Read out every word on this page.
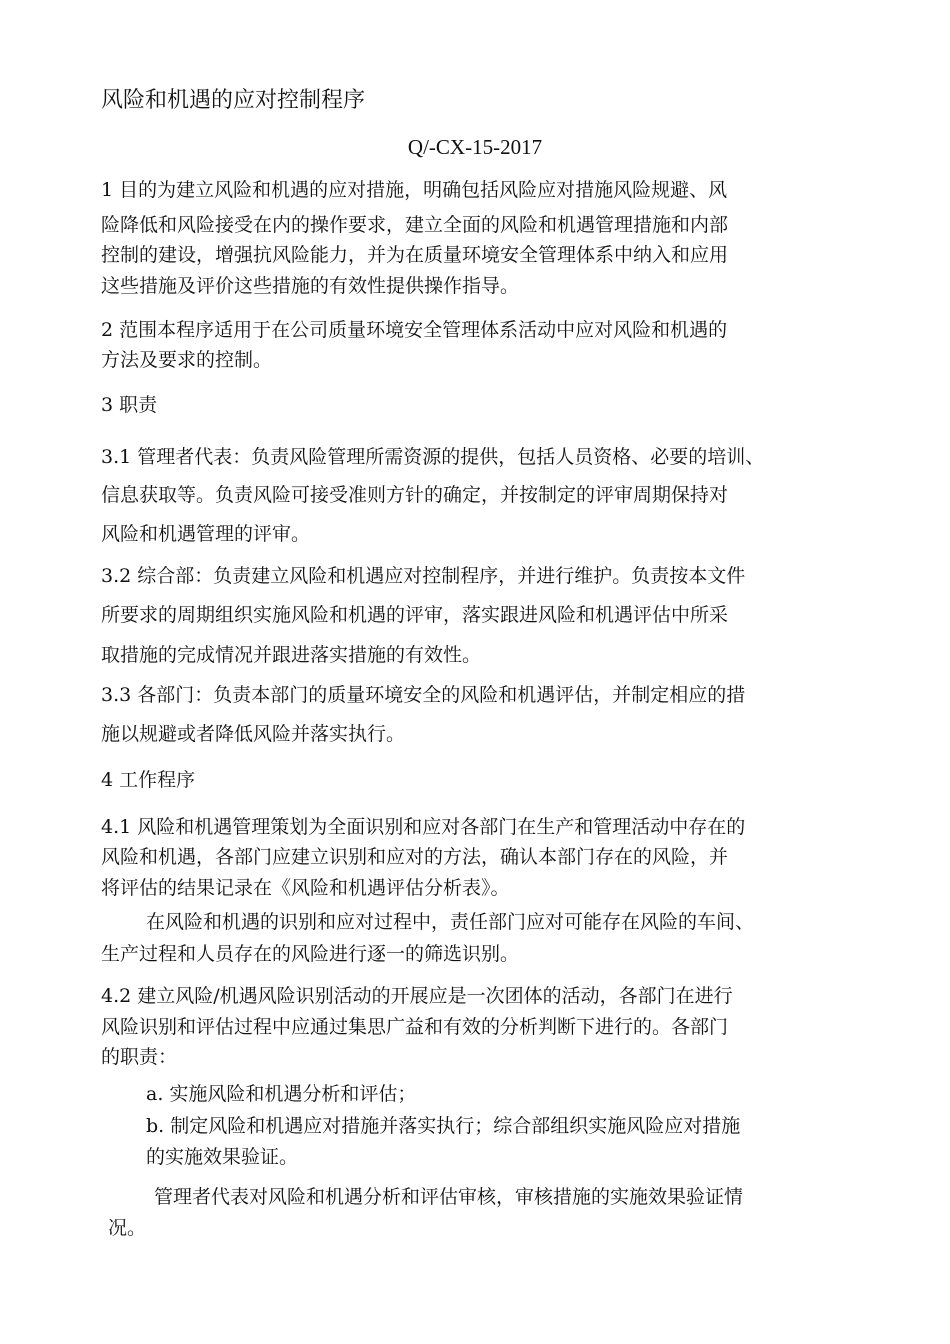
风险和机遇的应对控制程序
Q/-CX-15-2017
1 目的为建立风险和机遇的应对措施，明确包括风险应对措施风险规避、风
险降低和风险接受在内的操作要求，建立全面的风险和机遇管理措施和内部
控制的建设，增强抗风险能力，并为在质量环境安全管理体系中纳入和应用
这些措施及评价这些措施的有效性提供操作指导。
2 范围本程序适用于在公司质量环境安全管理体系活动中应对风险和机遇的
方法及要求的控制。
3 职责
3.1 管理者代表：负责风险管理所需资源的提供，包括人员资格、必要的培训、
信息获取等。负责风险可接受准则方针的确定，并按制定的评审周期保持对
风险和机遇管理的评审。
3.2 综合部：负责建立风险和机遇应对控制程序，并进行维护。负责按本文件
所要求的周期组织实施风险和机遇的评审，落实跟进风险和机遇评估中所采
取措施的完成情况并跟进落实措施的有效性。
3.3 各部门：负责本部门的质量环境安全的风险和机遇评估，并制定相应的措
施以规避或者降低风险并落实执行。
4 工作程序
4.1 风险和机遇管理策划为全面识别和应对各部门在生产和管理活动中存在的
风险和机遇，各部门应建立识别和应对的方法，确认本部门存在的风险，并
将评估的结果记录在《风险和机遇评估分析表》。
在风险和机遇的识别和应对过程中，责任部门应对可能存在风险的车间、
生产过程和人员存在的风险进行逐一的筛选识别。
4.2 建立风险/机遇风险识别活动的开展应是一次团体的活动，各部门在进行
风险识别和评估过程中应通过集思广益和有效的分析判断下进行的。各部门
的职责：
a. 实施风险和机遇分析和评估；
b. 制定风险和机遇应对措施并落实执行；综合部组织实施风险应对措施
的实施效果验证。
管理者代表对风险和机遇分析和评估审核，审核措施的实施效果验证情
况。
